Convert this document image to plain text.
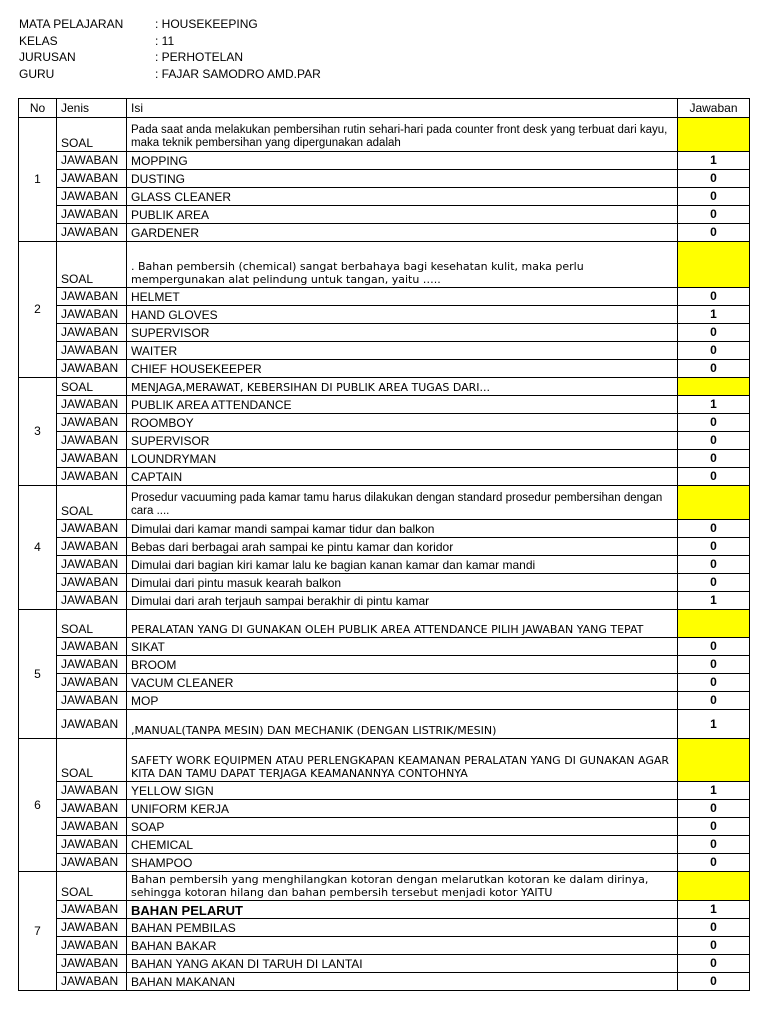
MATA PELAJARAN	: HOUSEKEEPING
KELAS	: 11
JURUSAN	: PERHOTELAN
GURU	: FAJAR SAMODRO AMD.PAR
No	Jenis	Isi	Jawaban
1	SOAL	Pada saat anda melakukan pembersihan rutin sehari-hari pada counter front desk yang terbuat dari kayu, maka teknik pembersihan yang dipergunakan adalah	
	JAWABAN	MOPPING	1
	JAWABAN	DUSTING	0
	JAWABAN	GLASS CLEANER	0
	JAWABAN	PUBLIK AREA	0
	JAWABAN	GARDENER	0
2	SOAL	. Bahan pembersih (chemical) sangat berbahaya bagi kesehatan kulit, maka perlu mempergunakan alat pelindung untuk tangan, yaitu …..	
	JAWABAN	HELMET	0
	JAWABAN	HAND GLOVES	1
	JAWABAN	SUPERVISOR	0
	JAWABAN	WAITER	0
	JAWABAN	CHIEF HOUSEKEEPER	0
3	SOAL	MENJAGA,MERAWAT, KEBERSIHAN DI PUBLIK AREA TUGAS DARI...	
	JAWABAN	PUBLIK AREA ATTENDANCE	1
	JAWABAN	ROOMBOY	0
	JAWABAN	SUPERVISOR	0
	JAWABAN	LOUNDRYMAN	0
	JAWABAN	CAPTAIN	0
4	SOAL	Prosedur vacuuming pada kamar tamu harus dilakukan dengan standard prosedur pembersihan dengan cara ....	
	JAWABAN	Dimulai dari kamar mandi sampai kamar tidur dan balkon	0
	JAWABAN	Bebas dari berbagai arah sampai ke pintu kamar dan koridor	0
	JAWABAN	Dimulai dari bagian kiri kamar lalu ke bagian kanan kamar dan kamar mandi	0
	JAWABAN	Dimulai dari pintu masuk kearah balkon	0
	JAWABAN	Dimulai dari arah terjauh sampai berakhir di pintu kamar	1
5	SOAL	PERALATAN YANG DI GUNAKAN OLEH PUBLIK AREA ATTENDANCE PILIH JAWABAN YANG TEPAT	
	JAWABAN	SIKAT	0
	JAWABAN	BROOM	0
	JAWABAN	VACUM CLEANER	0
	JAWABAN	MOP	0
	JAWABAN	,MANUAL(TANPA MESIN) DAN MECHANIK (DENGAN LISTRIK/MESIN)	1
6	SOAL	SAFETY WORK EQUIPMEN ATAU PERLENGKAPAN KEAMANAN PERALATAN YANG DI GUNAKAN AGAR KITA DAN TAMU DAPAT TERJAGA KEAMANANNYA CONTOHNYA	
	JAWABAN	YELLOW SIGN	1
	JAWABAN	UNIFORM KERJA	0
	JAWABAN	SOAP	0
	JAWABAN	CHEMICAL	0
	JAWABAN	SHAMPOO	0
7	SOAL	Bahan pembersih yang menghilangkan kotoran dengan melarutkan kotoran ke dalam dirinya, sehingga kotoran hilang dan bahan pembersih tersebut menjadi kotor YAITU	
	JAWABAN	BAHAN PELARUT	1
	JAWABAN	BAHAN PEMBILAS	0
	JAWABAN	BAHAN BAKAR	0
	JAWABAN	BAHAN YANG AKAN DI TARUH DI LANTAI	0
	JAWABAN	BAHAN MAKANAN	0
